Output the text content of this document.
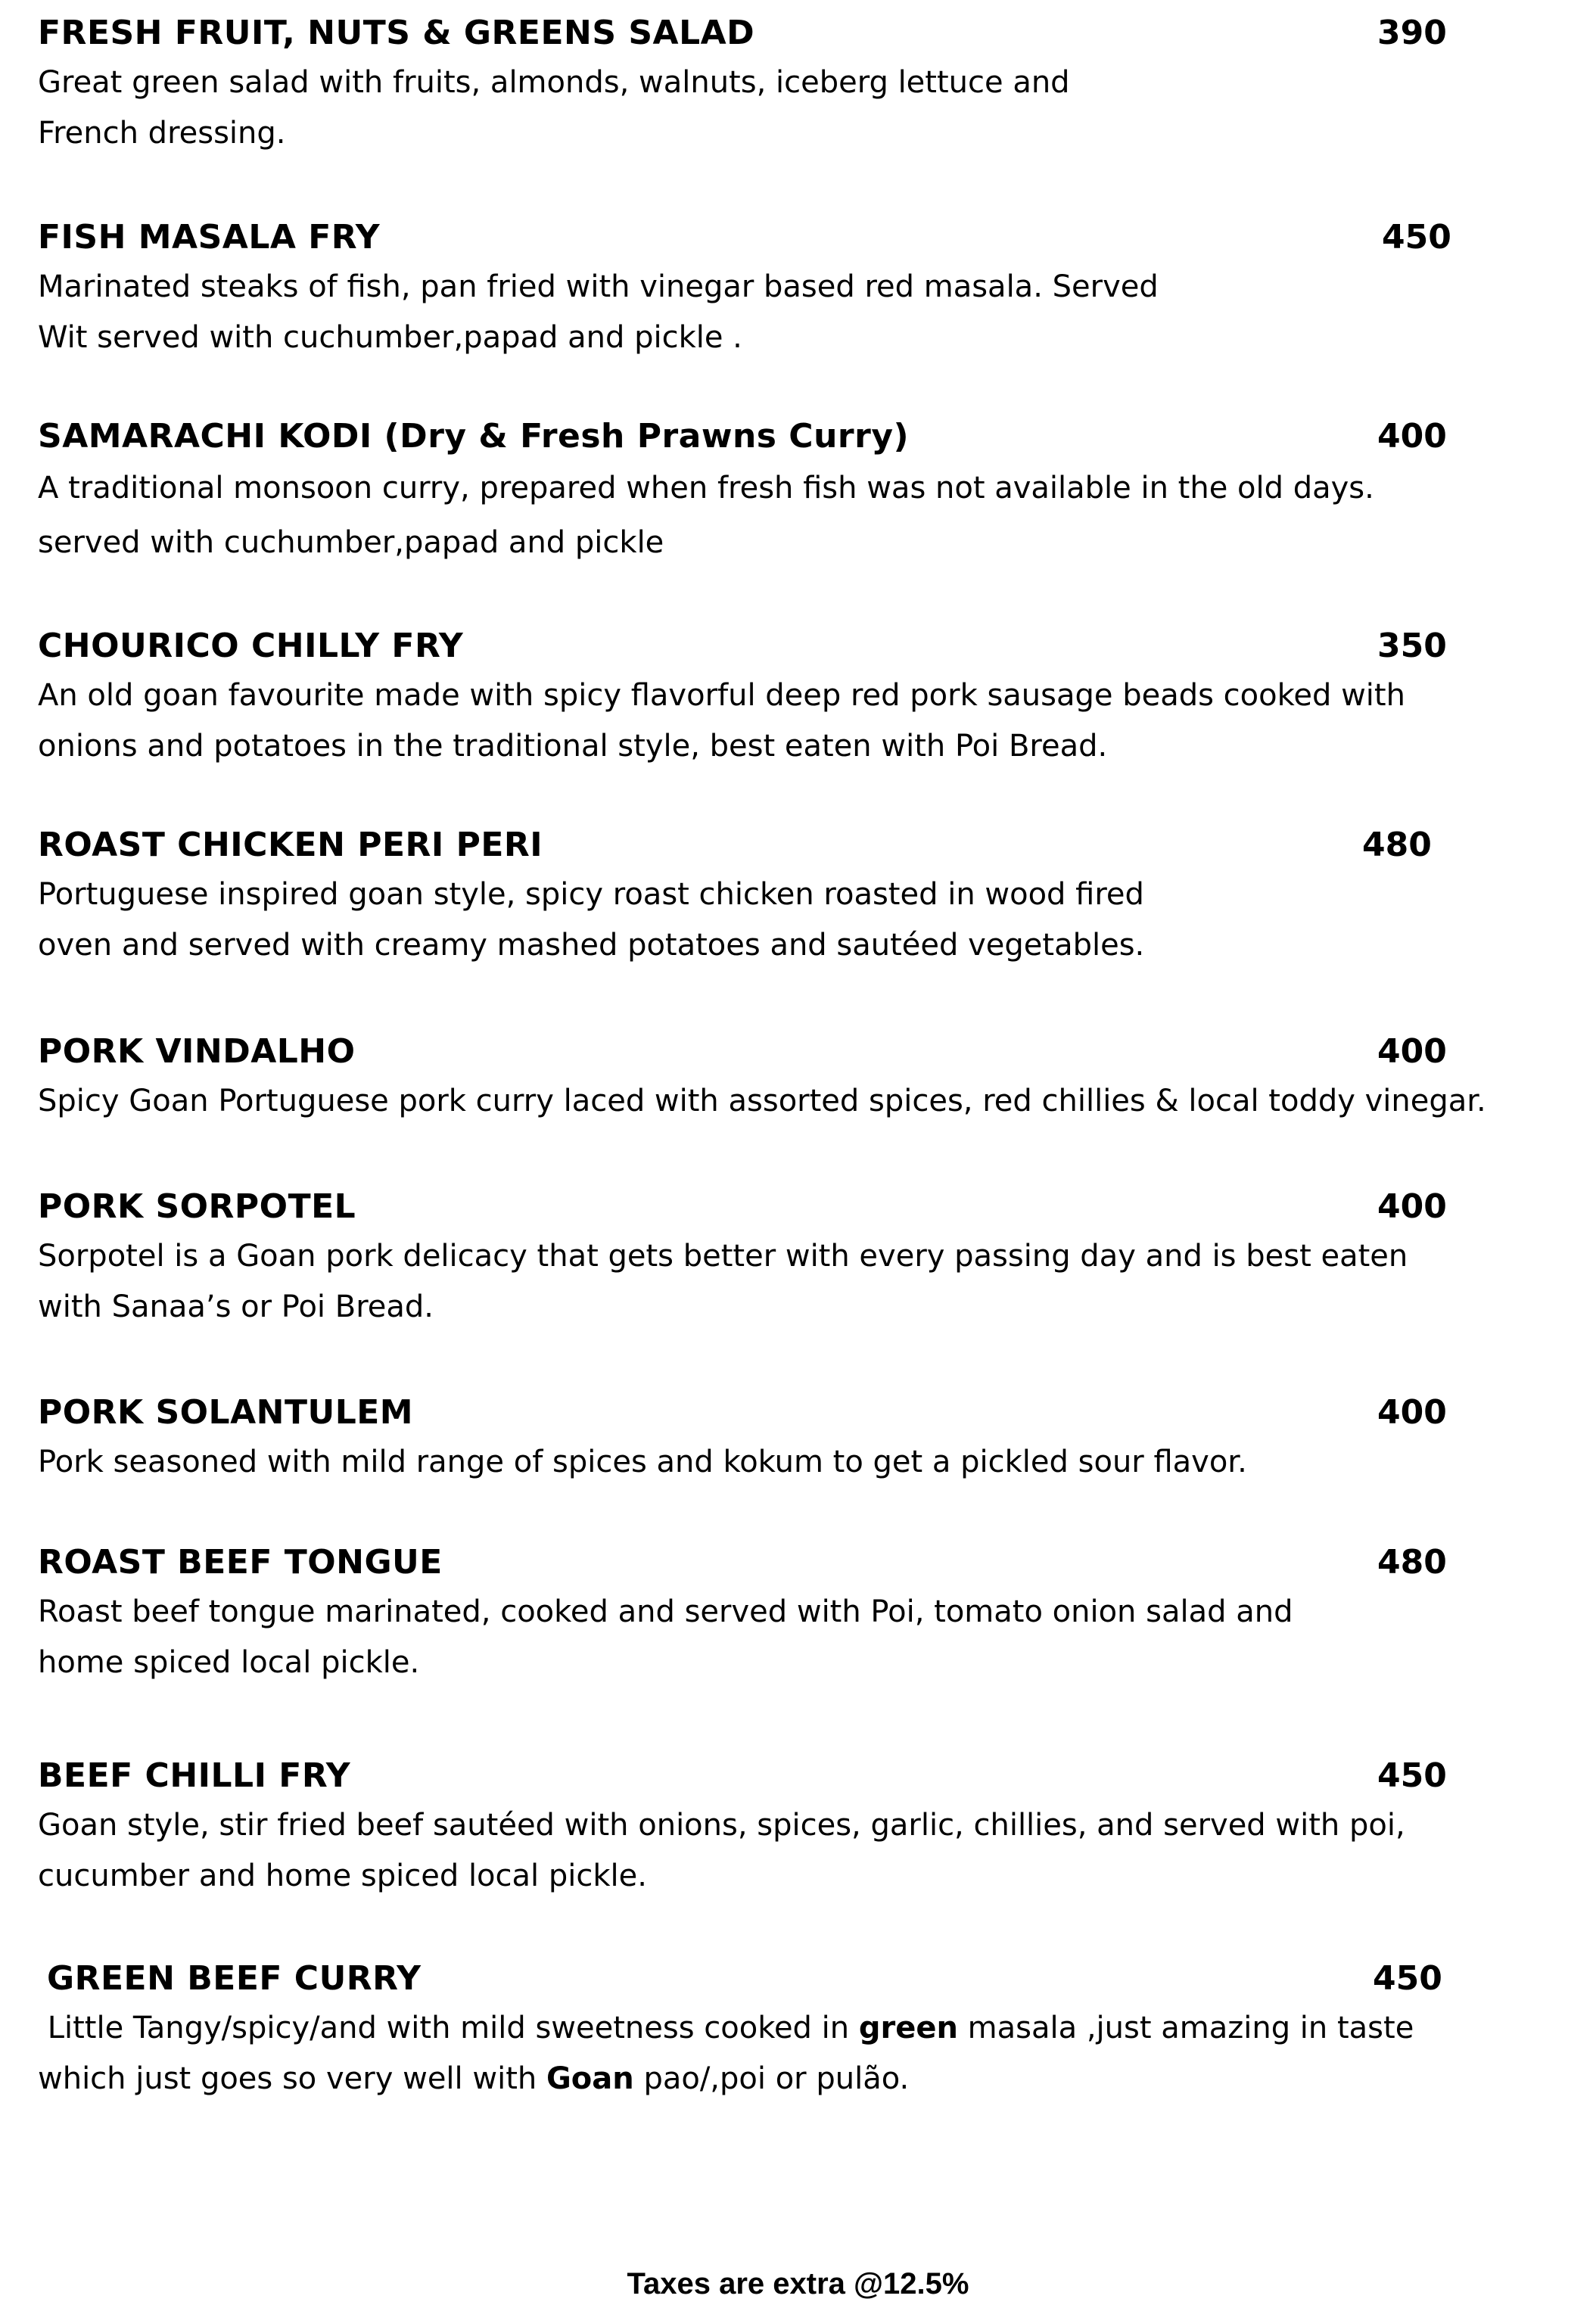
FRESH FRUIT, NUTS & GREENS SALAD	390
Great green salad with fruits, almonds, walnuts, iceberg lettuce and
French dressing.
FISH MASALA FRY	450
Marinated steaks of fish, pan fried with vinegar based red masala. Served
Wit served with cuchumber,papad and pickle .
SAMARACHI KODI (Dry & Fresh Prawns Curry)	400
A traditional monsoon curry, prepared when fresh fish was not available in the old days.
served with cuchumber,papad and pickle
CHOURICO CHILLY FRY	350
An old goan favourite made with spicy flavorful deep red pork sausage beads cooked with
onions and potatoes in the traditional style, best eaten with Poi Bread.
ROAST CHICKEN PERI PERI	480
Portuguese inspired goan style, spicy roast chicken roasted in wood fired
oven and served with creamy mashed potatoes and sautéed vegetables.
PORK VINDALHO	400
Spicy Goan Portuguese pork curry laced with assorted spices, red chillies & local toddy vinegar.
PORK SORPOTEL	400
Sorpotel is a Goan pork delicacy that gets better with every passing day and is best eaten
with Sanaa’s or Poi Bread.
PORK SOLANTULEM	400
Pork seasoned with mild range of spices and kokum to get a pickled sour flavor.
ROAST BEEF TONGUE	480
Roast beef tongue marinated, cooked and served with Poi, tomato onion salad and
home spiced local pickle.
BEEF CHILLI FRY	450
Goan style, stir fried beef sautéed with onions, spices, garlic, chillies, and served with poi,
cucumber and home spiced local pickle.
GREEN BEEF CURRY	450
Little Tangy/spicy/and with mild sweetness cooked in green masala ,just amazing in taste
which just goes so very well with Goan pao/,poi or pulão.
Taxes are extra @12.5%
